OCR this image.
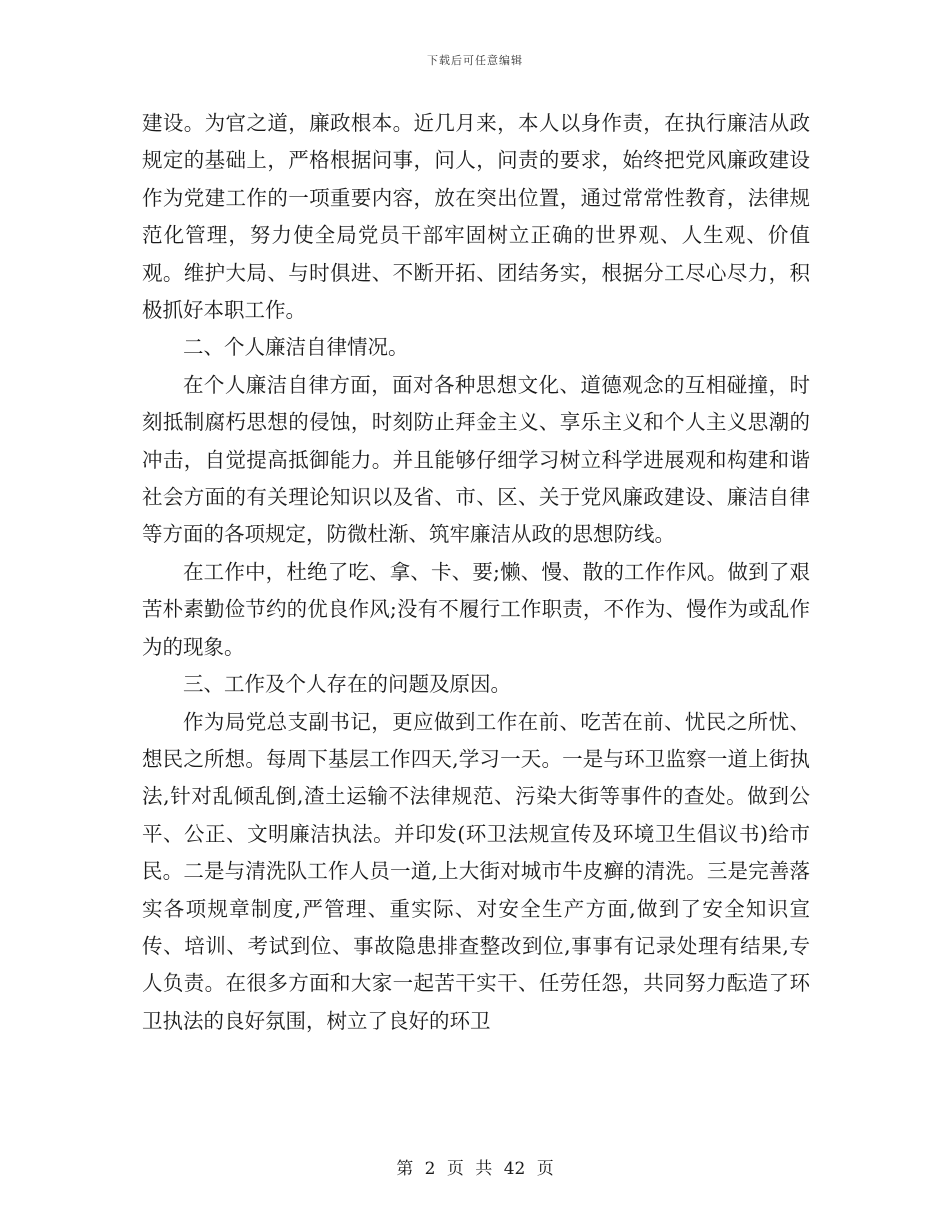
下载后可任意编辑

建设。为官之道，廉政根本。近几月来，本人以身作责，在执行廉洁从政规定的基础上，严格根据问事，问人，问责的要求，始终把党风廉政建设作为党建工作的一项重要内容，放在突出位置，通过常常性教育，法律规范化管理，努力使全局党员干部牢固树立正确的世界观、人生观、价值观。维护大局、与时俱进、不断开拓、团结务实，根据分工尽心尽力，积极抓好本职工作。

二、个人廉洁自律情况。

在个人廉洁自律方面，面对各种思想文化、道德观念的互相碰撞，时刻抵制腐朽思想的侵蚀，时刻防止拜金主义、享乐主义和个人主义思潮的冲击，自觉提高抵御能力。并且能够仔细学习树立科学进展观和构建和谐社会方面的有关理论知识以及省、市、区、关于党风廉政建设、廉洁自律等方面的各项规定，防微杜渐、筑牢廉洁从政的思想防线。

在工作中，杜绝了吃、拿、卡、要;懒、慢、散的工作作风。做到了艰苦朴素勤俭节约的优良作风;没有不履行工作职责，不作为、慢作为或乱作为的现象。

三、工作及个人存在的问题及原因。

作为局党总支副书记，更应做到工作在前、吃苦在前、忧民之所忧、想民之所想。每周下基层工作四天,学习一天。一是与环卫监察一道上街执法,针对乱倾乱倒,渣土运输不法律规范、污染大街等事件的查处。做到公平、公正、文明廉洁执法。并印发(环卫法规宣传及环境卫生倡议书)给市民。二是与清洗队工作人员一道,上大街对城市牛皮癣的清洗。三是完善落实各项规章制度,严管理、重实际、对安全生产方面,做到了安全知识宣传、培训、考试到位、事故隐患排查整改到位,事事有记录处理有结果,专人负责。在很多方面和大家一起苦干实干、任劳任怨，共同努力酝造了环卫执法的良好氛围，树立了良好的环卫

第 2 页 共 42 页
